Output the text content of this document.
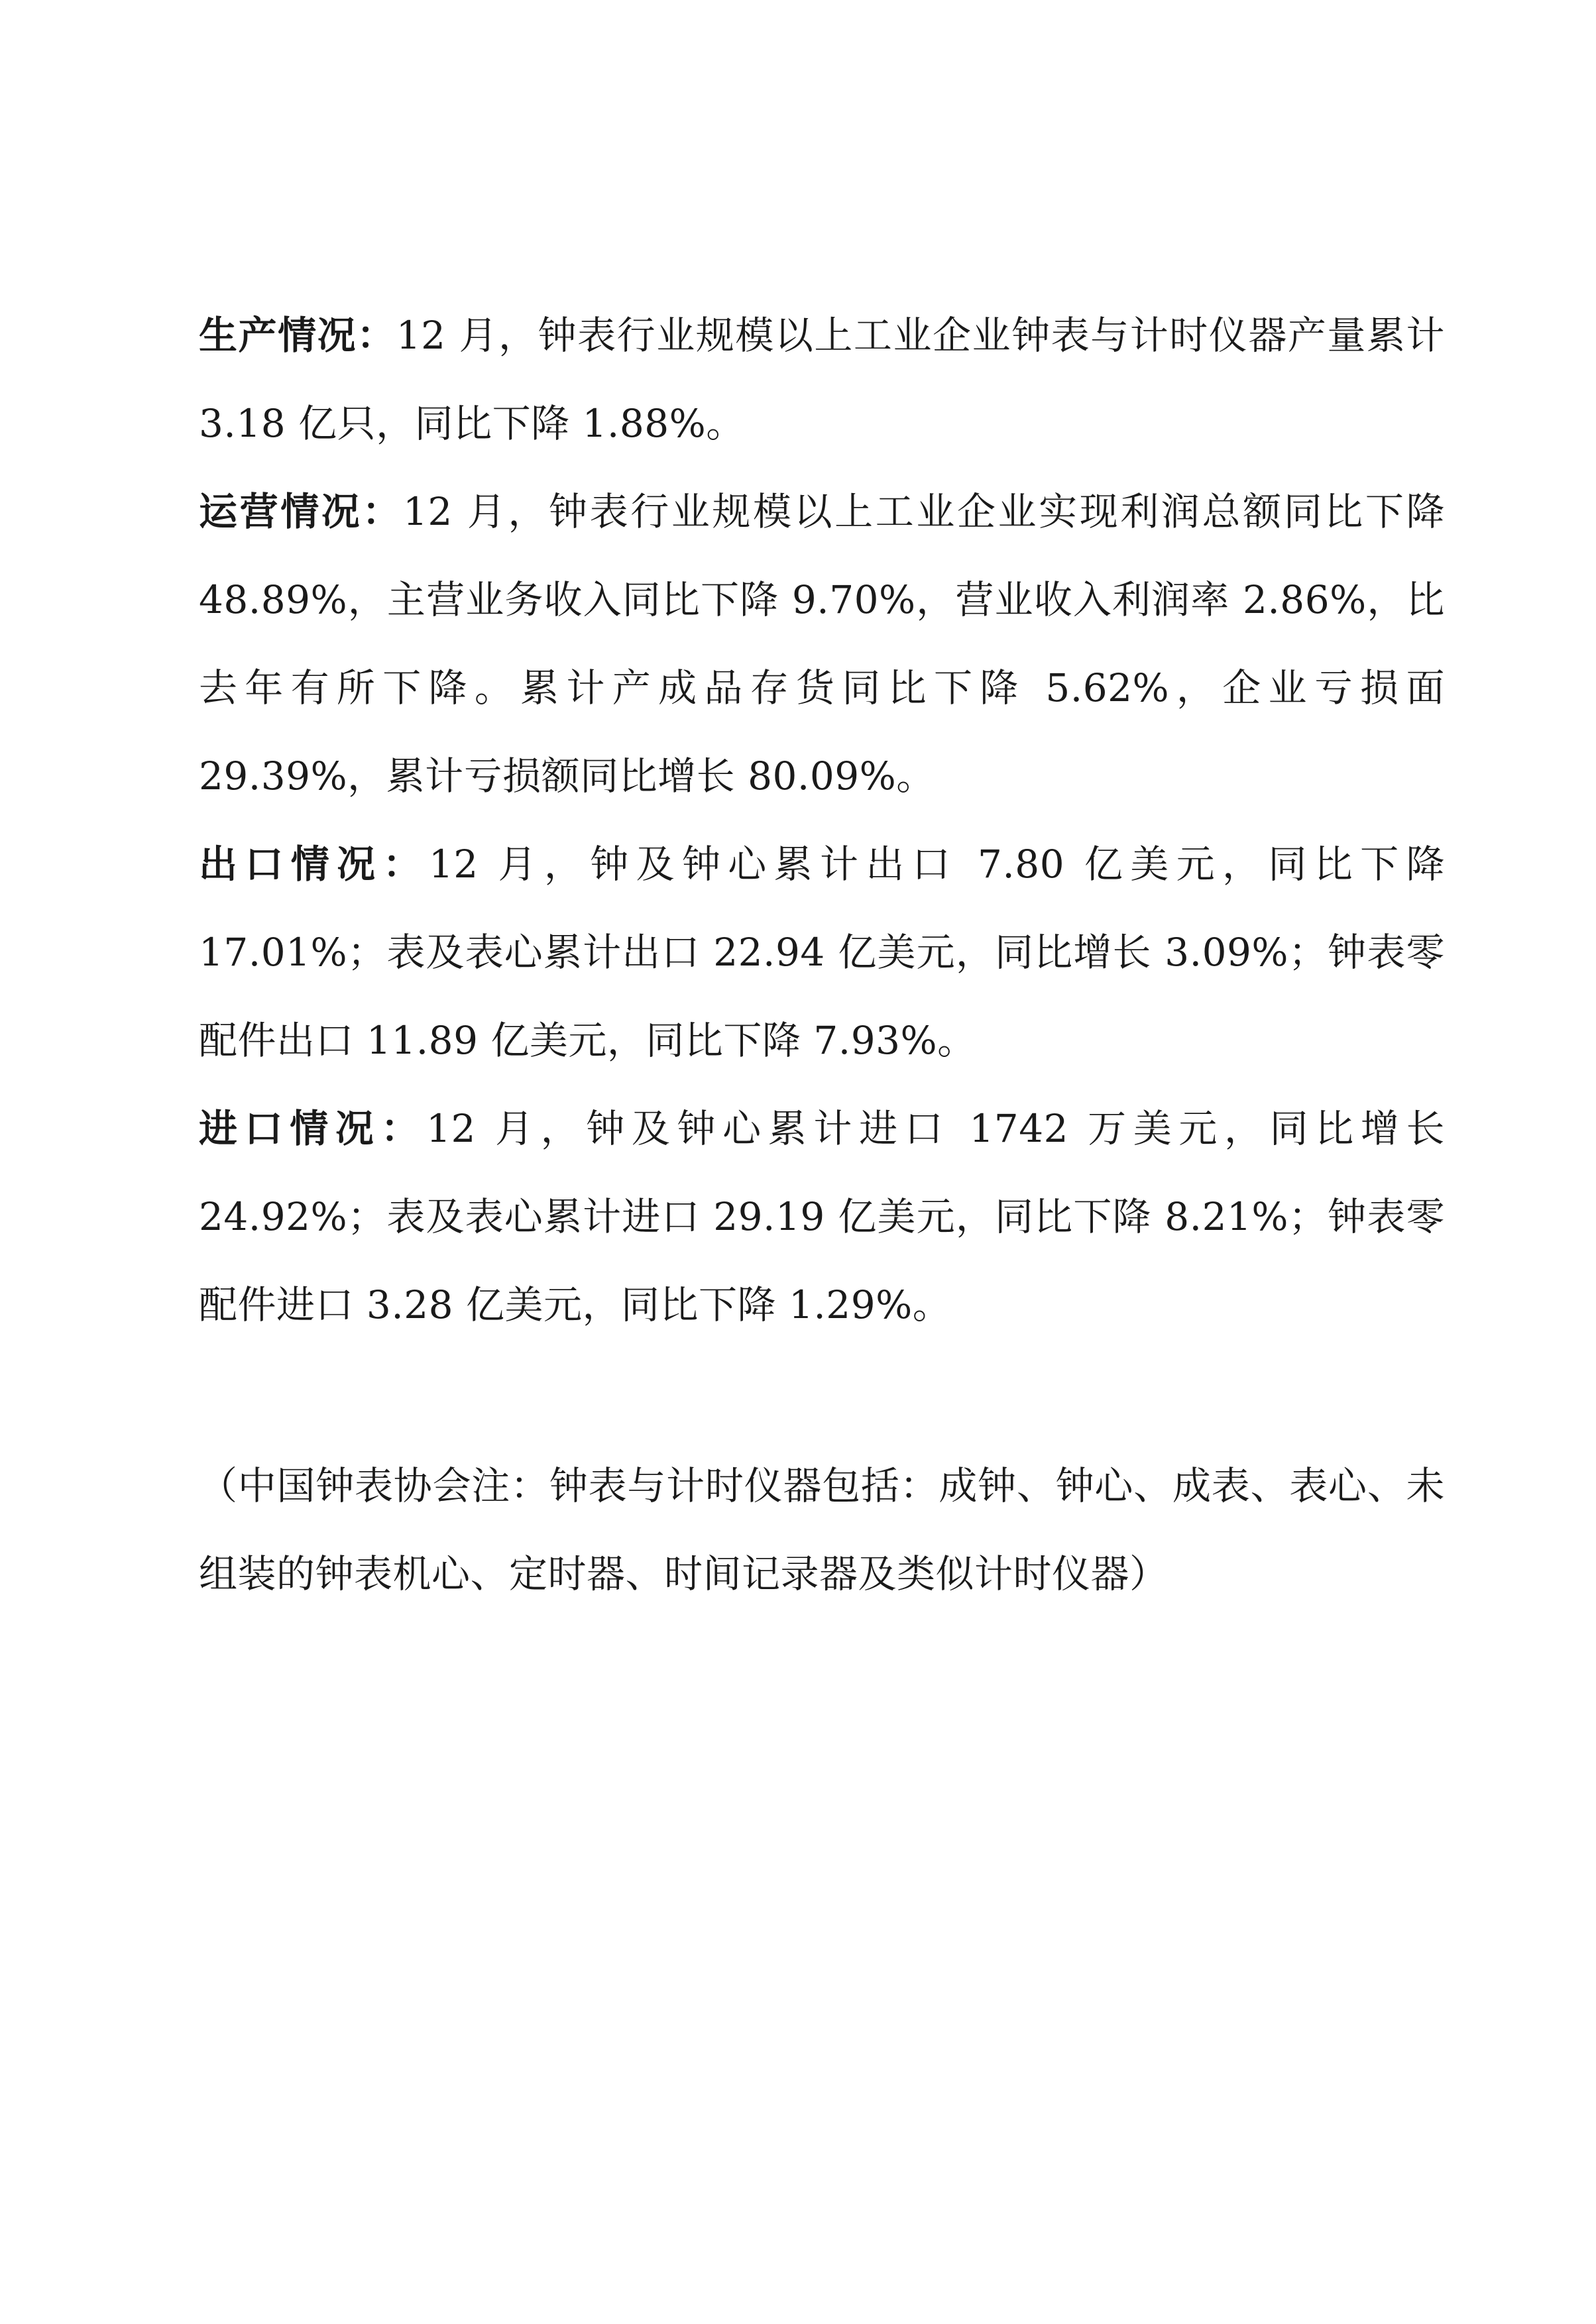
生产情况：12 月，钟表行业规模以上工业企业钟表与计时仪器产量累计 3.18 亿只，同比下降 1.88%。

运营情况：12 月，钟表行业规模以上工业企业实现利润总额同比下降 48.89%，主营业务收入同比下降 9.70%，营业收入利润率 2.86%，比去年有所下降。累计产成品存货同比下降 5.62%，企业亏损面 29.39%，累计亏损额同比增长 80.09%。

出口情况：12 月，钟及钟心累计出口 7.80 亿美元，同比下降 17.01%；表及表心累计出口 22.94 亿美元，同比增长 3.09%；钟表零配件出口 11.89 亿美元，同比下降 7.93%。

进口情况：12 月，钟及钟心累计进口 1742 万美元，同比增长 24.92%；表及表心累计进口 29.19 亿美元，同比下降 8.21%；钟表零配件进口 3.28 亿美元，同比下降 1.29%。

（中国钟表协会注：钟表与计时仪器包括：成钟、钟心、成表、表心、未组装的钟表机心、定时器、时间记录器及类似计时仪器）
